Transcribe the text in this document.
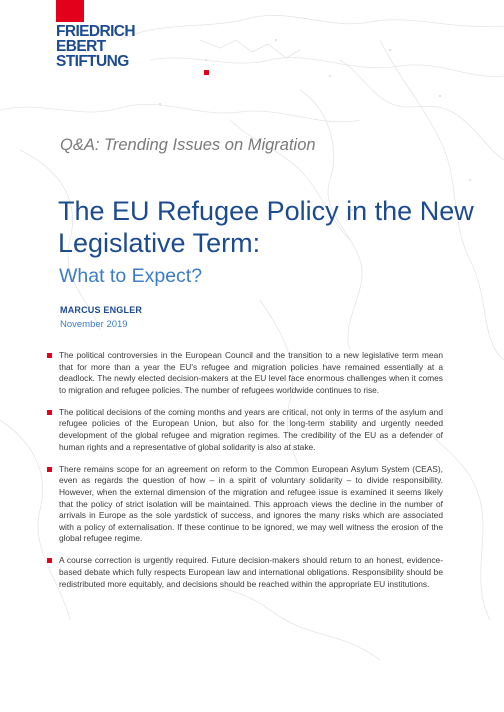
FRIEDRICH
EBERT
STIFTUNG
Q&A: Trending Issues on Migration
The EU Refugee Policy in the New Legislative Term:
What to Expect?
MARCUS ENGLER
November 2019
The political controversies in the European Council and the transition to a new legislative term mean that for more than a year the EU's refugee and migration policies have remained essentially at a deadlock. The newly elected decision-makers at the EU level face enormous challenges when it comes to migration and refugee policies. The number of refugees worldwide continues to rise.
The political decisions of the coming months and years are critical, not only in terms of the asylum and refugee policies of the European Union, but also for the long-term stability and urgently needed development of the global refugee and migration regimes. The credibility of the EU as a defender of human rights and a representative of global solidarity is also at stake.
There remains scope for an agreement on reform to the Common European Asylum System (CEAS), even as regards the question of how – in a spirit of voluntary solidarity – to divide responsibility. However, when the external dimension of the migration and refugee issue is examined it seems likely that the policy of strict isolation will be maintained. This approach views the decline in the number of arrivals in Europe as the sole yardstick of success, and ignores the many risks which are associated with a policy of externalisation. If these continue to be ignored, we may well witness the erosion of the global refugee regime.
A course correction is urgently required. Future decision-makers should return to an honest, evidence-based debate which fully respects European law and international obligations. Responsibility should be redistributed more equitably, and decisions should be reached within the appropriate EU institutions.
